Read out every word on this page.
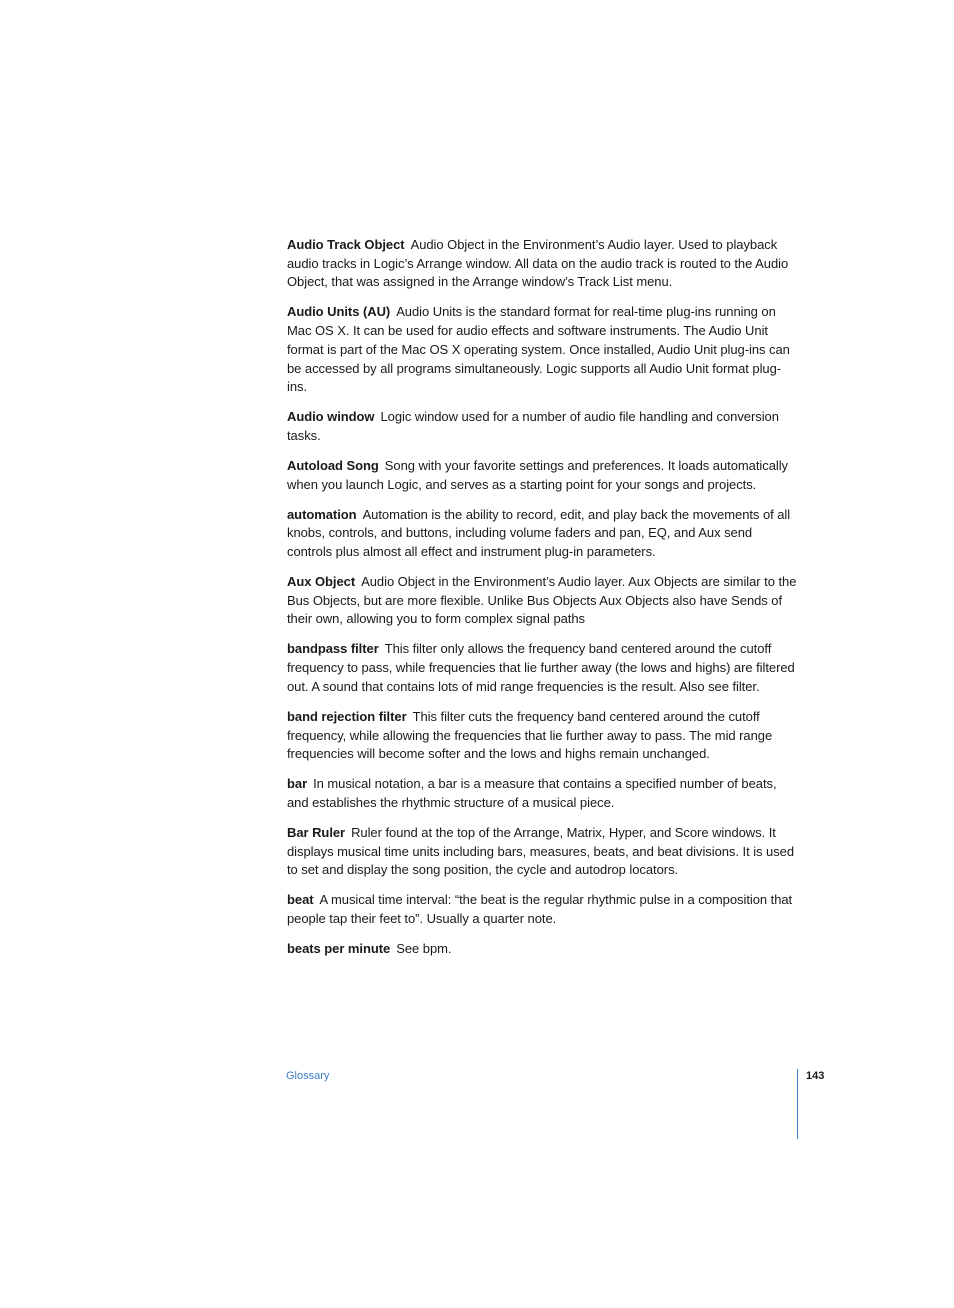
Audio Track Object Audio Object in the Environment’s Audio layer. Used to playback audio tracks in Logic’s Arrange window. All data on the audio track is routed to the Audio Object, that was assigned in the Arrange window’s Track List menu.

Audio Units (AU) Audio Units is the standard format for real-time plug-ins running on Mac OS X. It can be used for audio effects and software instruments. The Audio Unit format is part of the Mac OS X operating system. Once installed, Audio Unit plug-ins can be accessed by all programs simultaneously. Logic supports all Audio Unit format plug-ins.

Audio window Logic window used for a number of audio file handling and conversion tasks.

Autoload Song Song with your favorite settings and preferences. It loads automatically when you launch Logic, and serves as a starting point for your songs and projects.

automation Automation is the ability to record, edit, and play back the movements of all knobs, controls, and buttons, including volume faders and pan, EQ, and Aux send controls plus almost all effect and instrument plug-in parameters.

Aux Object Audio Object in the Environment’s Audio layer. Aux Objects are similar to the Bus Objects, but are more flexible. Unlike Bus Objects Aux Objects also have Sends of their own, allowing you to form complex signal paths

bandpass filter This filter only allows the frequency band centered around the cutoff frequency to pass, while frequencies that lie further away (the lows and highs) are filtered out. A sound that contains lots of mid range frequencies is the result. Also see filter.

band rejection filter This filter cuts the frequency band centered around the cutoff frequency, while allowing the frequencies that lie further away to pass. The mid range frequencies will become softer and the lows and highs remain unchanged.

bar In musical notation, a bar is a measure that contains a specified number of beats, and establishes the rhythmic structure of a musical piece.

Bar Ruler Ruler found at the top of the Arrange, Matrix, Hyper, and Score windows. It displays musical time units including bars, measures, beats, and beat divisions. It is used to set and display the song position, the cycle and autodrop locators.

beat A musical time interval: “the beat is the regular rhythmic pulse in a composition that people tap their feet to”. Usually a quarter note.

beats per minute See bpm.

Glossary	143
